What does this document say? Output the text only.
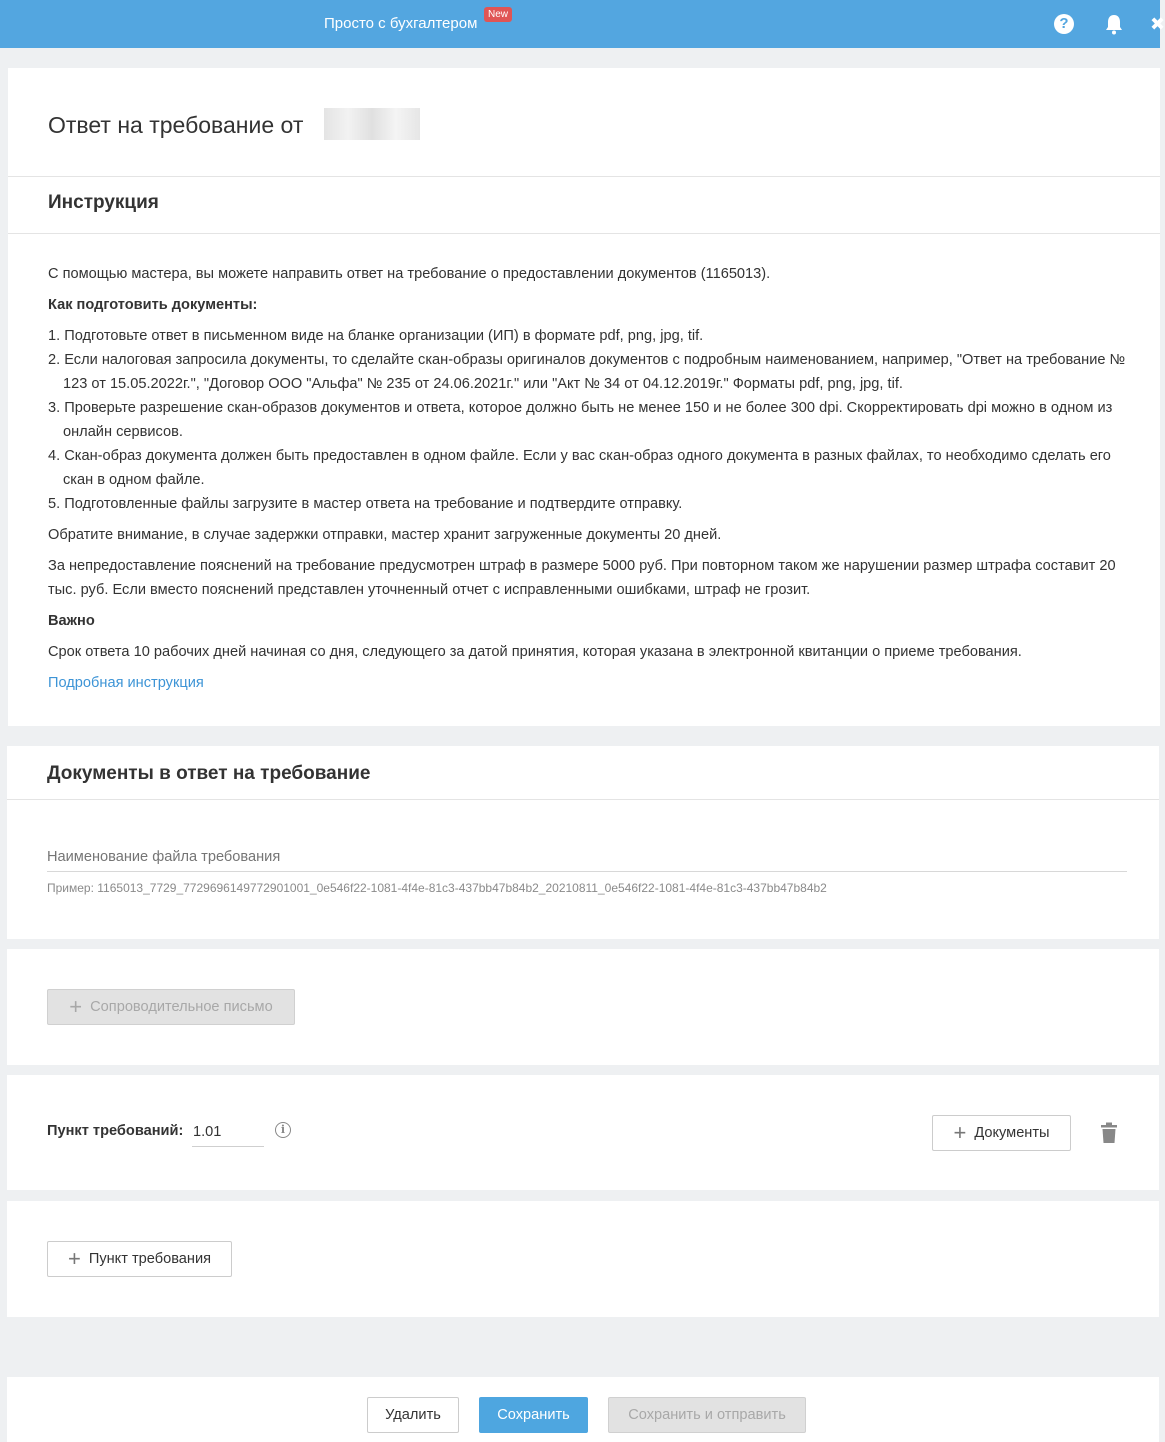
Просто с бухгалтером
New
?	✖
Ответ на требование от
Инструкция

С помощью мастера, вы можете направить ответ на требование о предоставлении документов (1165013).

Как подготовить документы:

1. Подготовьте ответ в письменном виде на бланке организации (ИП) в формате pdf, png, jpg, tif.
2. Если налоговая запросила документы, то сделайте скан-образы оригиналов документов с подробным наименованием, например, "Ответ на требование № 123 от 15.05.2022г.", "Договор ООО "Альфа" № 235 от 24.06.2021г." или "Акт № 34 от 04.12.2019г." Форматы pdf, png, jpg, tif.
3. Проверьте разрешение скан-образов документов и ответа, которое должно быть не менее 150 и не более 300 dpi. Скорректировать dpi можно в одном из онлайн сервисов.
4. Скан-образ документа должен быть предоставлен в одном файле. Если у вас скан-образ одного документа в разных файлах, то необходимо сделать его скан в одном файле.
5. Подготовленные файлы загрузите в мастер ответа на требование и подтвердите отправку.

Обратите внимание, в случае задержки отправки, мастер хранит загруженные документы 20 дней.

За непредоставление пояснений на требование предусмотрен штраф в размере 5000 руб. При повторном таком же нарушении размер штрафа составит 20 тыс. руб. Если вместо пояснений представлен уточненный отчет с исправленными ошибками, штраф не грозит.

Важно

Срок ответа 10 рабочих дней начиная со дня, следующего за датой принятия, которая указана в электронной квитанции о приеме требования.

Подробная инструкция

Документы в ответ на требование
Наименование файла требования
Пример: 1165013_7729_7729696149772901001_0e546f22-1081-4f4e-81c3-437bb47b84b2_20210811_0e546f22-1081-4f4e-81c3-437bb47b84b2
+ Сопроводительное письмо
Пункт требований:
1.01	i	+ Документы
+ Пункт требования
Удалить	Сохранить	Сохранить и отправить
